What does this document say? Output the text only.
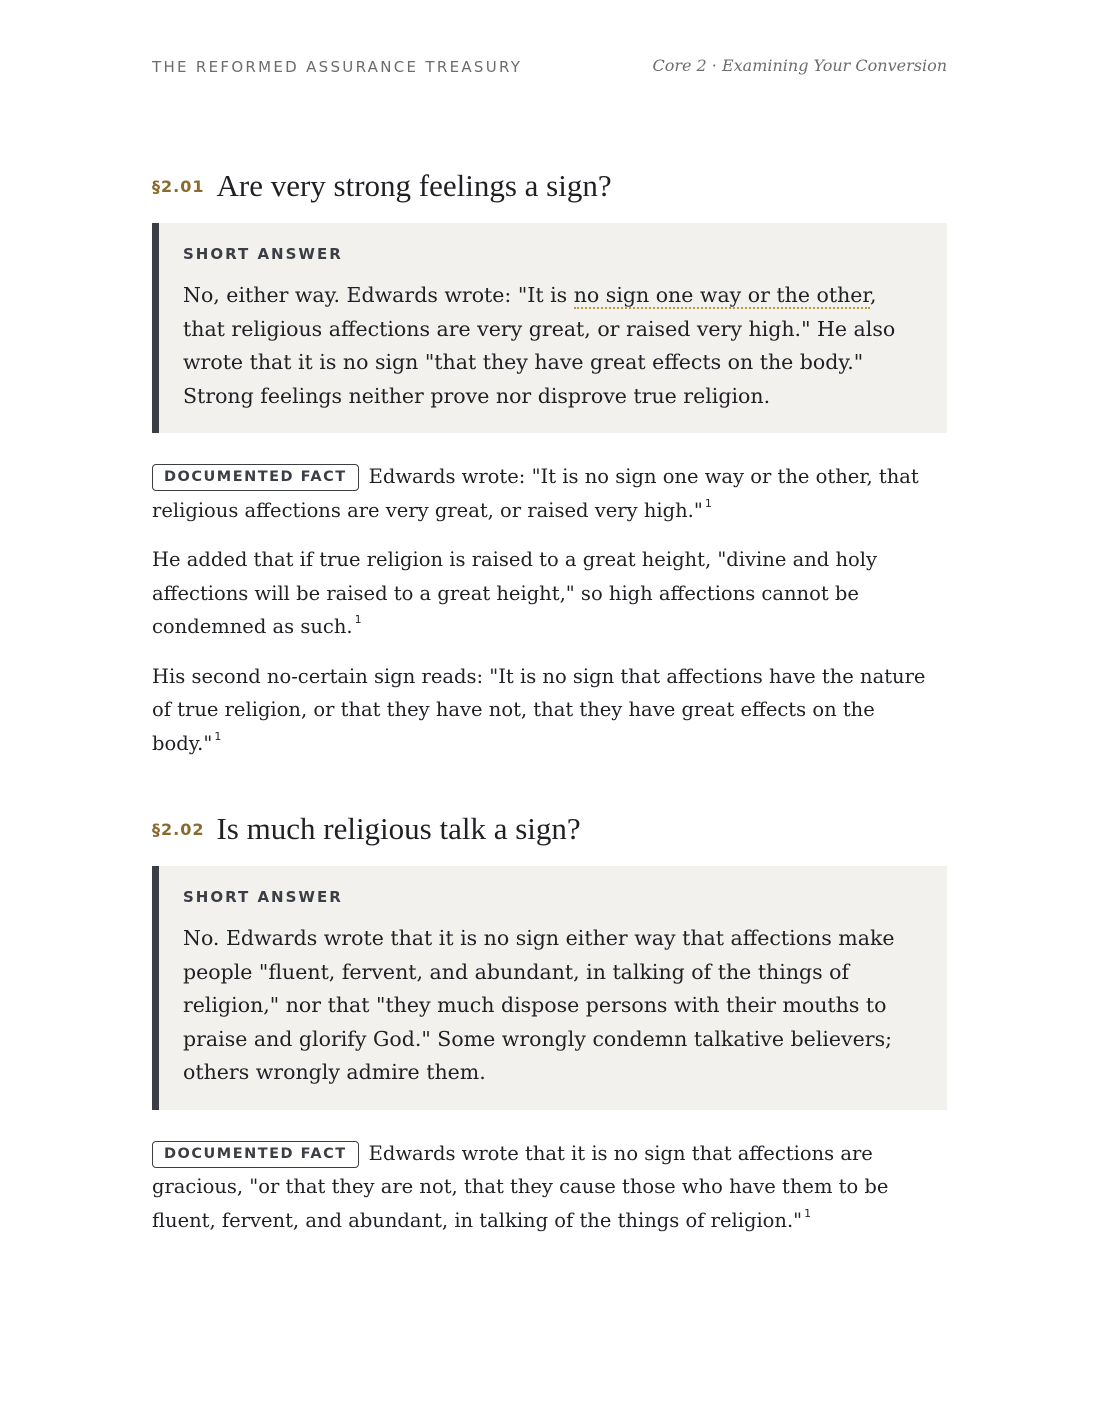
THE REFORMED ASSURANCE TREASURY	Core 2 · Examining Your Conversion
§2.01 Are very strong feelings a sign?
SHORT ANSWER

No, either way. Edwards wrote: "It is no sign one way or the other, that religious affections are very great, or raised very high." He also wrote that it is no sign "that they have great effects on the body." Strong feelings neither prove nor disprove true religion.

DOCUMENTED FACT Edwards wrote: "It is no sign one way or the other, that religious affections are very great, or raised very high." $^1$

He added that if true religion is raised to a great height, "divine and holy affections will be raised to a great height," so high affections cannot be condemned as such. $^1$

His second no-certain sign reads: "It is no sign that affections have the nature of true religion, or that they have not, that they have great effects on the body." $^1$

§2.02 Is much religious talk a sign?
SHORT ANSWER

No. Edwards wrote that it is no sign either way that affections make people "fluent, fervent, and abundant, in talking of the things of religion," nor that "they much dispose persons with their mouths to praise and glorify God." Some wrongly condemn talkative believers; others wrongly admire them.

DOCUMENTED FACT Edwards wrote that it is no sign that affections are gracious, "or that they are not, that they cause those who have them to be fluent, fervent, and abundant, in talking of the things of religion." $^1$
